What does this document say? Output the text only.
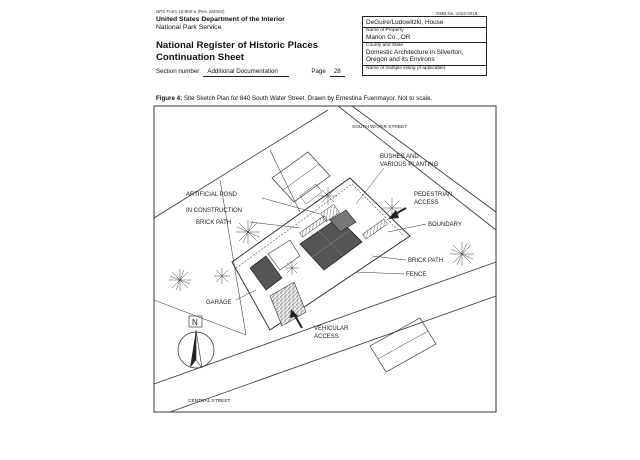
NPS Form 10-900-a (Rev. 8/2002)	OMB No. 1024-0018
United States Department of the Interior
National Park Service
National Register of Historic Places
Continuation Sheet
Section number	Additional Documentation	Page	28
DeGuire/Ludowitzki, House
Name of Property
Marion Co., OR
County and State
Domestic Architecture in Silverton,
Oregon and its Environs
Name of multiple listing (if applicable)
Figure 4: Site Sketch Plan for 840 South Water Street. Drawn by Ernestina Fuenmayor. Not to scale.
SOUTH WATER STREET
CENTRAL STREET
BUSHES AND
VARIOUS PLANTING
ARTIFICIAL POND
IN CONSTRUCTION
BRICK PATH
PEDESTRIAN
ACCESS
BOUNDARY
BRICK PATH
FENCE
GARAGE
VEHICULAR
ACCESS
N
